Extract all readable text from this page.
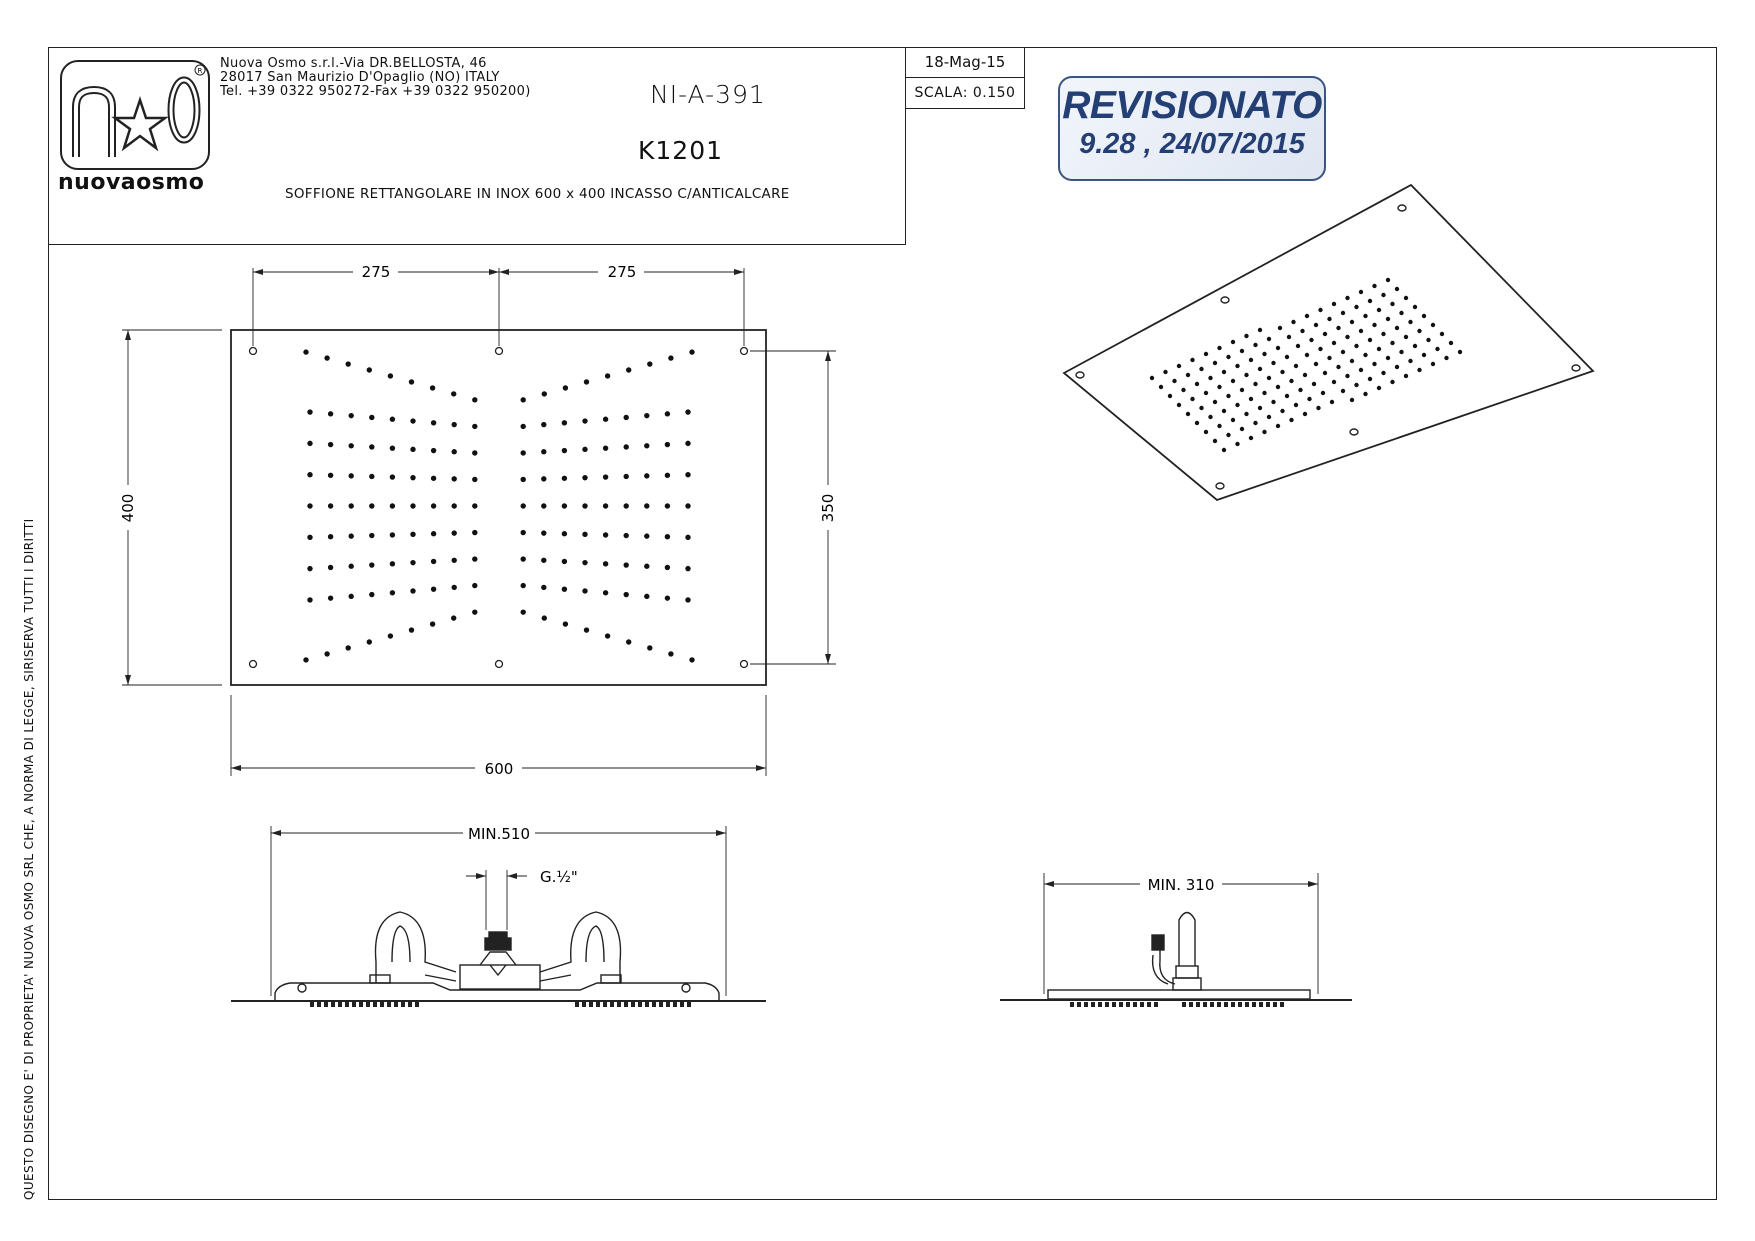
R
nuovaosmo
Nuova Osmo s.r.l.-Via DR.BELLOSTA, 46
28017 San Maurizio D'Opaglio (NO) ITALY
Tel. +39 0322 950272-Fax +39 0322 950200)	NI-A-391
K1201
SOFFIONE RETTANGOLARE IN INOX 600 x 400 INCASSO C/ANTICALCARE
18-Mag-15
SCALA: 0.150 REVISIONATO
9.28 , 24/07/2015
QUESTO DISEGNO E' DI PROPRIETA' NUOVA OSMO SRL CHE, A NORMA DI LEGGE, SIRISERVA TUTTI I DIRITTI
275	275
400	350
600
MIN.510
G.½"	MIN. 310
